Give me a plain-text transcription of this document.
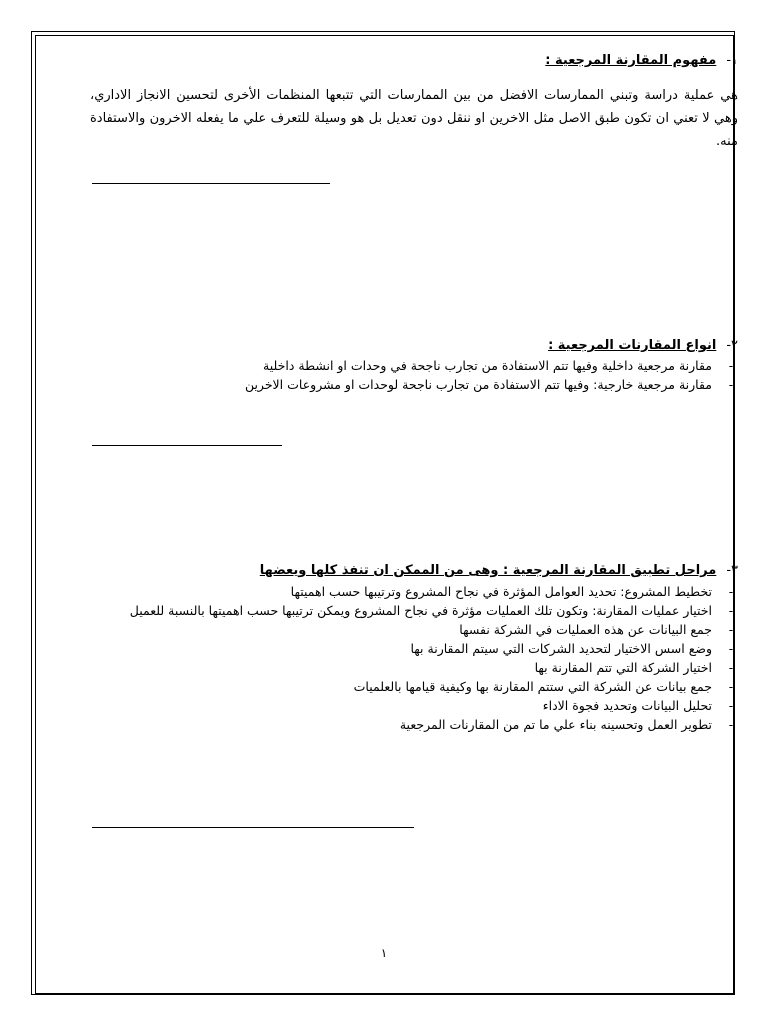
١-مفهوم المقارنة المرجعية :
هي عملية دراسة وتبني الممارسات الافضل من بين الممارسات التي تتبعها المنظمات الأخرى لتحسين الانجاز الاداري، وهي لا تعني ان تكون طبق الاصل مثل الاخرين او ننقل دون تعديل بل هو وسيلة للتعرف علي ما يفعله الاخرون والاستفادة منه.
٢-انواع المقارنات المرجعية :
-
مقارنة مرجعية داخلية وفيها تتم الاستفادة من تجارب ناجحة في وحدات او انشطة داخلية
-
مقارنة مرجعية خارجية: وفيها تتم الاستفادة من تجارب ناجحة لوحدات او مشروعات الاخرين
٣-مراحل تطبيق المقارنة المرجعية : وهى من الممكن ان تنفذ كلها ويعضها
-
تخطيط المشروع: تحديد العوامل المؤثرة في نجاح المشروع وترتيبها حسب اهميتها
-
اختيار عمليات المقارنة: وتكون تلك العمليات مؤثرة في نجاح المشروع ويمكن ترتيبها حسب اهميتها بالنسبة للعميل
-
جمع البيانات عن هذه العمليات في الشركة نفسها
-
وضع اسس الاختيار لتحديد الشركات التي سيتم المقارنة بها
-
اختيار الشركة التي تتم المقارنة بها
-
جمع بيانات عن الشركة التي ستتم المقارنة بها وكيفية قيامها بالعلميات
-
تحليل البيانات وتحديد فجوة الاداء
-
تطوير العمل وتحسينه بناء علي ما تم من المقارنات المرجعية
١
